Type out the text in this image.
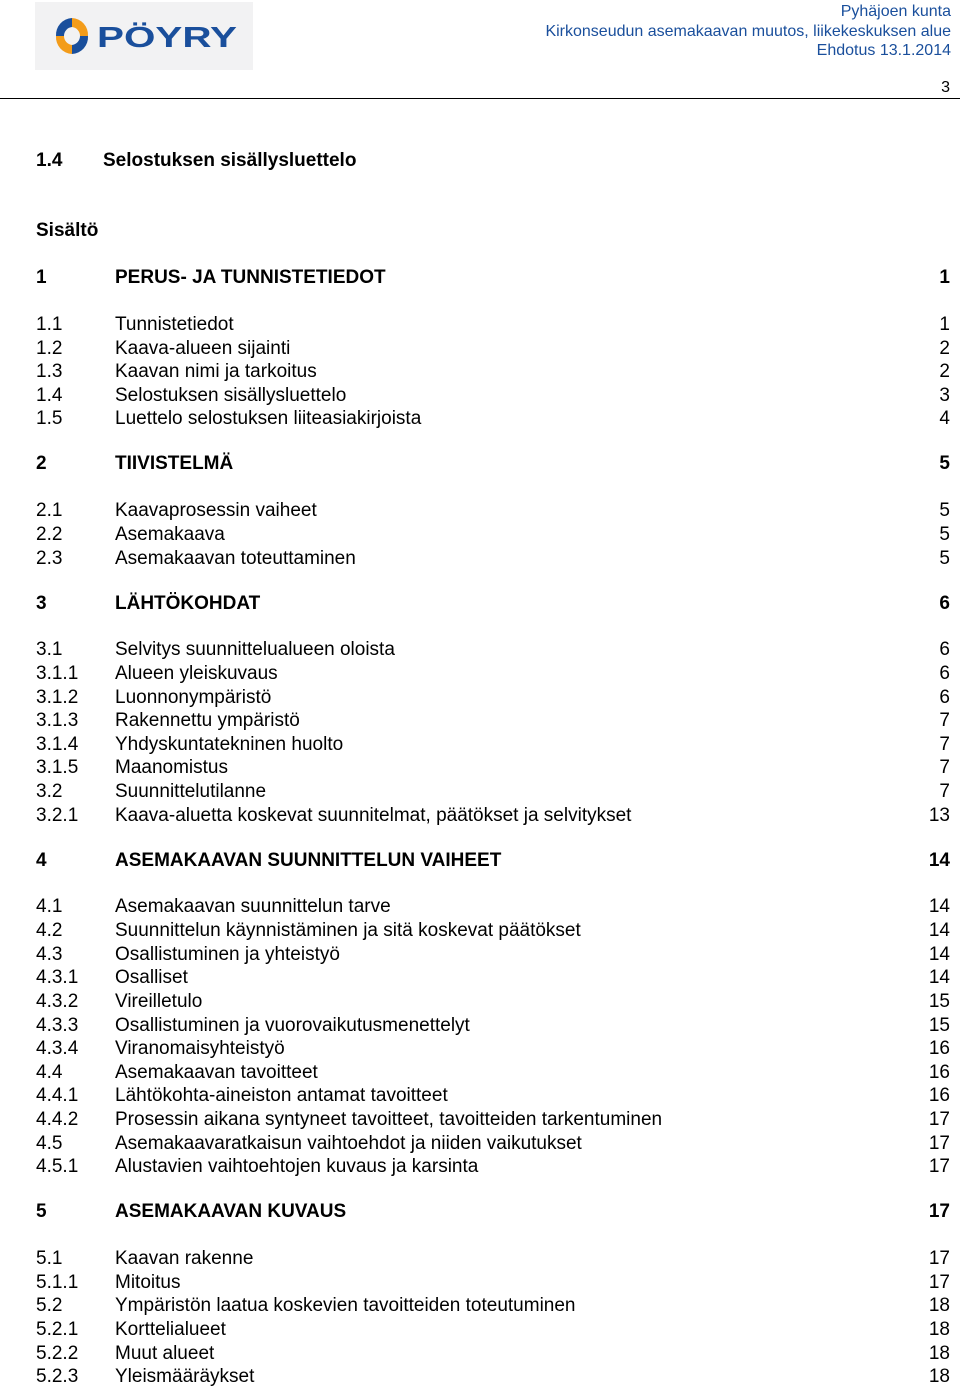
PÖYRY
Pyhäjoen kunta
Kirkonseudun asemakaavan muutos, liikekeskuksen alue
Ehdotus 13.1.2014
3
1.4 Selostuksen sisällysluettelo
Sisältö
1	PERUS- JA TUNNISTETIEDOT	1
1.1	Tunnistetiedot	1
1.2	Kaava-alueen sijainti	2
1.3	Kaavan nimi ja tarkoitus	2
1.4	Selostuksen sisällysluettelo	3
1.5	Luettelo selostuksen liiteasiakirjoista	4
2	TIIVISTELMÄ	5
2.1	Kaavaprosessin vaiheet	5
2.2	Asemakaava	5
2.3	Asemakaavan toteuttaminen	5
3	LÄHTÖKOHDAT	6
3.1	Selvitys suunnittelualueen oloista	6
3.1.1 Alueen yleiskuvaus	6
3.1.2 Luonnonympäristö	6
3.1.3 Rakennettu ympäristö	7
3.1.4 Yhdyskuntatekninen huolto	7
3.1.5 Maanomistus	7
3.2	Suunnittelutilanne	7
3.2.1 Kaava-aluetta koskevat suunnitelmat, päätökset ja selvitykset	13
4	ASEMAKAAVAN SUUNNITTELUN VAIHEET	14
4.1	Asemakaavan suunnittelun tarve	14
4.2	Suunnittelun käynnistäminen ja sitä koskevat päätökset	14
4.3	Osallistuminen ja yhteistyö	14
4.3.1 Osalliset	14
4.3.2 Vireilletulo	15
4.3.3 Osallistuminen ja vuorovaikutusmenettelyt	15
4.3.4 Viranomaisyhteistyö	16
4.4	Asemakaavan tavoitteet	16
4.4.1 Lähtökohta-aineiston antamat tavoitteet	16
4.4.2 Prosessin aikana syntyneet tavoitteet, tavoitteiden tarkentuminen	17
4.5	Asemakaavaratkaisun vaihtoehdot ja niiden vaikutukset	17
4.5.1 Alustavien vaihtoehtojen kuvaus ja karsinta	17
5	ASEMAKAAVAN KUVAUS	17
5.1	Kaavan rakenne	17
5.1.1 Mitoitus	17
5.2	Ympäristön laatua koskevien tavoitteiden toteutuminen	18
5.2.1 Korttelialueet	18
5.2.2 Muut alueet	18
5.2.3 Yleismääräykset	18
